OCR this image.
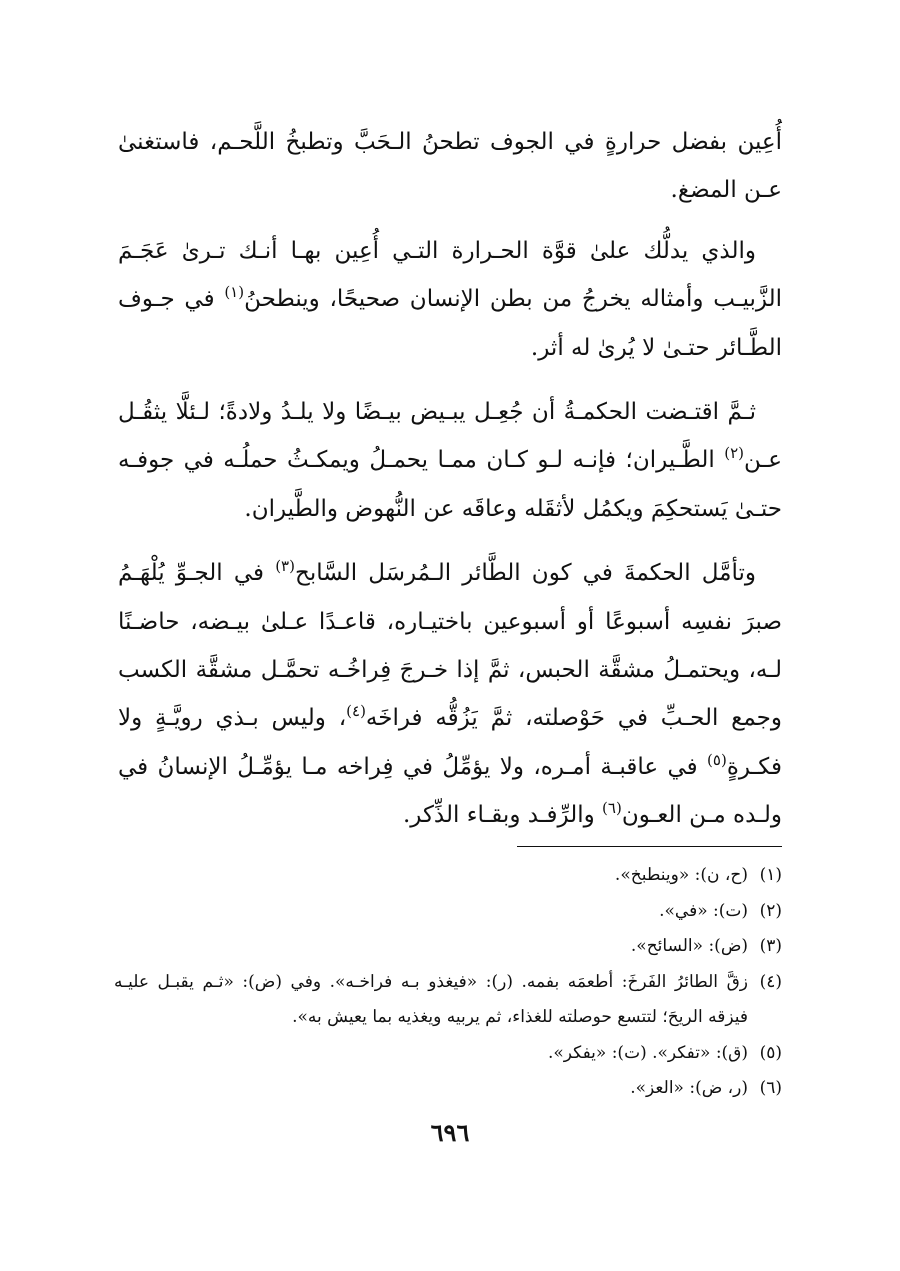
أُعِين بفضل حرارةٍ في الجوف تطحنُ الـحَبَّ وتطبخُ اللَّحـم، فاستغنىٰ عـن المضغ.

والذي يدلُّك علىٰ قوَّة الحـرارة التـي أُعِين بهـا أنـك تـرىٰ عَجَـمَ الزَّبيـب وأمثاله يخرجُ من بطن الإنسان صحيحًا، وينطحنُ$^{(١)}$ في جـوف الطَّـائر حتـىٰ لا يُرىٰ له أثر.

ثـمَّ اقتـضت الحكمـةُ أن جُعِـل يبـيض بيـضًا ولا يلـدُ ولادةً؛ لـئلَّا يثقُـل عـن$^{(٢)}$ الطَّـيران؛ فإنـه لـو كـان ممـا يحمـلُ ويمكـثُ حملُـه في جوفـه حتـىٰ يَستحكِمَ ويكمُل لأثقَله وعاقَه عن النُّهوض والطَّيران.

وتأمَّل الحكمةَ في كون الطَّائر الـمُرسَل السَّابح$^{(٣)}$ في الجـوِّ يُلْهَـمُ صبرَ نفسِه أسبوعًا أو أسبوعين باختيـاره، قاعـدًا عـلىٰ بيـضه، حاضـنًا لـه، ويحتمـلُ مشقَّة الحبس، ثمَّ إذا خـرجَ فِراخُـه تحمَّـل مشقَّة الكسب وجمع الحـبِّ في حَوْصلته، ثمَّ يَزُقُّه فراخَه$^{(٤)}$، وليس بـذي رويَّـةٍ ولا فكـرةٍ$^{(٥)}$ في عاقبـة أمـره، ولا يؤمِّلُ في فِراخه مـا يؤمِّـلُ الإنسانُ في ولـده مـن العـون$^{(٦)}$ والرِّفـد وبقـاء الذِّكر.

(١)
(ح، ن): «وينطبخ».
(٢)
(ت): «في».
(٣)
(ض): «السائح».
(٤)
زقَّ الطائرُ الفَرخَ: أطعمَه بفمه. (ر): «فيغذو بـه فراخـه». وفي (ض): «ثـم يقبـل عليـه فيزقه الريحَ؛ لتتسع حوصلته للغذاء، ثم يربيه ويغذيه بما يعيش به».
(٥)
(ق): «تفكر». (ت): «يفكر».
(٦)
(ر، ض): «العز».
٦٩٦
